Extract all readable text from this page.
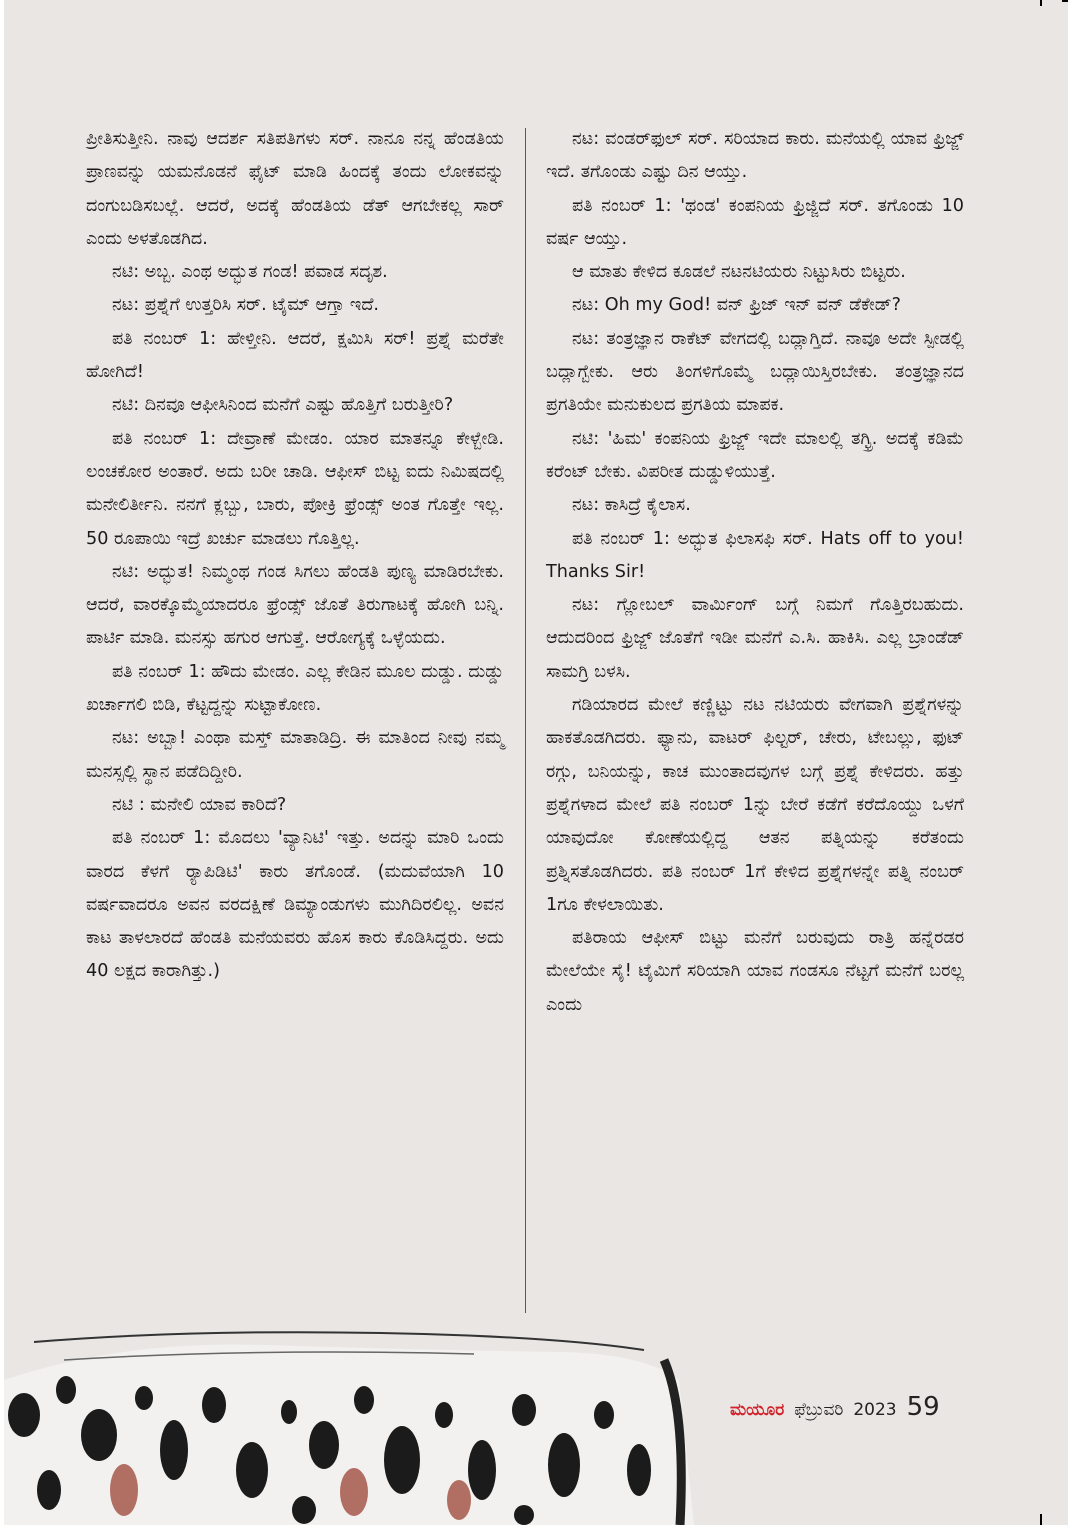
ಪ್ರೀತಿಸುತ್ತೀನಿ. ನಾವು ಆದರ್ಶ ಸತಿಪತಿಗಳು ಸರ್. ನಾನೂ ನನ್ನ ಹೆಂಡತಿಯ ಪ್ರಾಣವನ್ನು ಯಮನೊಡನೆ ಫೈಟ್ ಮಾಡಿ ಹಿಂದಕ್ಕೆ ತಂದು ಲೋಕವನ್ನು ದಂಗುಬಡಿಸಬಲ್ಲೆ. ಆದರೆ, ಅದಕ್ಕೆ ಹೆಂಡತಿಯ ಡೆತ್ ಆಗಬೇಕಲ್ಲ ಸಾರ್ ಎಂದು ಅಳತೊಡಗಿದ.

ನಟಿ: ಅಬ್ಬ. ಎಂಥ ಅದ್ಭುತ ಗಂಡ! ಪವಾಡ ಸದೃಶ.

ನಟ: ಪ್ರಶ್ನೆಗೆ ಉತ್ತರಿಸಿ ಸರ್. ಟೈಮ್ ಆಗ್ತಾ ಇದೆ.

ಪತಿ ನಂಬರ್ 1: ಹೇಳ್ತೀನಿ. ಆದರೆ, ಕ್ಷಮಿಸಿ ಸರ್! ಪ್ರಶ್ನೆ ಮರೆತೇ ಹೋಗಿದೆ!

ನಟಿ: ದಿನವೂ ಆಫೀಸಿನಿಂದ ಮನೆಗೆ ಎಷ್ಟು ಹೊತ್ತಿಗೆ ಬರುತ್ತೀರಿ?

ಪತಿ ನಂಬರ್ 1: ದೇವ್ರಾಣೆ ಮೇಡಂ. ಯಾರ ಮಾತನ್ನೂ ಕೇಳ್ಬೇಡಿ. ಲಂಚಕೋರ ಅಂತಾರೆ. ಅದು ಬರೀ ಚಾಡಿ. ಆಫೀಸ್ ಬಿಟ್ಟ ಐದು ನಿಮಿಷದಲ್ಲಿ ಮನೇಲಿರ್ತೀನಿ. ನನಗೆ ಕ್ಲಬ್ಬು, ಬಾರು, ಪೋಕ್ರಿ ಫ್ರೆಂಡ್ಸ್ ಅಂತ ಗೊತ್ತೇ ಇಲ್ಲ. 50 ರೂಪಾಯಿ ಇದ್ರೆ ಖರ್ಚು ಮಾಡಲು ಗೊತ್ತಿಲ್ಲ.

ನಟಿ: ಅದ್ಭುತ! ನಿಮ್ಮಂಥ ಗಂಡ ಸಿಗಲು ಹೆಂಡತಿ ಪುಣ್ಯ ಮಾಡಿರಬೇಕು. ಆದರೆ, ವಾರಕ್ಕೊಮ್ಮೆಯಾದರೂ ಫ್ರೆಂಡ್ಸ್ ಜೊತೆ ತಿರುಗಾಟಕ್ಕೆ ಹೋಗಿ ಬನ್ನಿ. ಪಾರ್ಟಿ ಮಾಡಿ. ಮನಸ್ಸು ಹಗುರ ಆಗುತ್ತೆ. ಆರೋಗ್ಯಕ್ಕೆ ಒಳ್ಳೆಯದು.

ಪತಿ ನಂಬರ್ 1: ಹೌದು ಮೇಡಂ. ಎಲ್ಲ ಕೇಡಿನ ಮೂಲ ದುಡ್ಡು. ದುಡ್ಡು ಖರ್ಚಾಗಲಿ ಬಿಡಿ, ಕೆಟ್ಟದ್ದನ್ನು ಸುಟ್ಟಾಕೋಣ.

ನಟ: ಅಬ್ಬಾ! ಎಂಥಾ ಮಸ್ತ್ ಮಾತಾಡಿದ್ರಿ. ಈ ಮಾತಿಂದ ನೀವು ನಮ್ಮ ಮನಸ್ಸಲ್ಲಿ ಸ್ಥಾನ ಪಡೆದಿದ್ದೀರಿ.

ನಟಿ : ಮನೇಲಿ ಯಾವ ಕಾರಿದೆ?

ಪತಿ ನಂಬರ್ 1: ಮೊದಲು 'ವ್ಯಾನಿಟಿ' ಇತ್ತು. ಅದನ್ನು ಮಾರಿ ಒಂದು ವಾರದ ಕೆಳಗೆ ರ‍್ಯಾಪಿಡಿಟಿ' ಕಾರು ತಗೊಂಡೆ. (ಮದುವೆಯಾಗಿ 10 ವರ್ಷವಾದರೂ ಅವನ ವರದಕ್ಷಿಣೆ ಡಿಮ್ಯಾಂಡುಗಳು ಮುಗಿದಿರಲಿಲ್ಲ. ಅವನ ಕಾಟ ತಾಳಲಾರದೆ ಹೆಂಡತಿ ಮನೆಯವರು ಹೊಸ ಕಾರು ಕೊಡಿಸಿದ್ದರು. ಅದು 40 ಲಕ್ಷದ ಕಾರಾಗಿತ್ತು.)

ನಟ: ವಂಡರ್‌ಫುಲ್ ಸರ್. ಸರಿಯಾದ ಕಾರು. ಮನೆಯಲ್ಲಿ ಯಾವ ಫ್ರಿಜ್ಜ್ ಇದೆ. ತಗೊಂಡು ಎಷ್ಟು ದಿನ ಆಯ್ತು.

ಪತಿ ನಂಬರ್ 1: 'ಥಂಡ' ಕಂಪನಿಯ ಫ್ರಿಜ್ಜಿದೆ ಸರ್. ತಗೊಂಡು 10 ವರ್ಷ ಆಯ್ತು.

ಆ ಮಾತು ಕೇಳಿದ ಕೂಡಲೆ ನಟನಟಿಯರು ನಿಟ್ಟುಸಿರು ಬಿಟ್ಟರು.

ನಟ: Oh my God! ವನ್ ಫ್ರಿಜ್ ಇನ್ ವನ್ ಡೆಕೇಡ್?

ನಟ: ತಂತ್ರಜ್ಞಾನ ರಾಕೆಟ್ ವೇಗದಲ್ಲಿ ಬದ್ಲಾಗ್ತಿದೆ. ನಾವೂ ಅದೇ ಸ್ಪೀಡಲ್ಲಿ ಬದ್ಲಾಗ್ಬೇಕು. ಆರು ತಿಂಗಳಿಗೊಮ್ಮೆ ಬದ್ಲಾಯಿಸ್ತಿರಬೇಕು. ತಂತ್ರಜ್ಞಾನದ ಪ್ರಗತಿಯೇ ಮನುಕುಲದ ಪ್ರಗತಿಯ ಮಾಪಕ.

ನಟಿ: 'ಹಿಮ' ಕಂಪನಿಯ ಫ್ರಿಜ್ಜ್ ಇದೇ ಮಾಲಲ್ಲಿ ತಗ್ಳ್ರಿ. ಅದಕ್ಕೆ ಕಡಿಮೆ ಕರೆಂಟ್ ಬೇಕು. ವಿಪರೀತ ದುಡ್ಡುಳಿಯುತ್ತೆ.

ನಟ: ಕಾಸಿದ್ರೆ ಕೈಲಾಸ.

ಪತಿ ನಂಬರ್ 1: ಅದ್ಭುತ ಫಿಲಾಸಫಿ ಸರ್. Hats off to you! Thanks Sir!

ನಟ: ಗ್ಲೋಬಲ್ ವಾರ್ಮಿಂಗ್ ಬಗ್ಗೆ ನಿಮಗೆ ಗೊತ್ತಿರಬಹುದು. ಆದುದರಿಂದ ಫ್ರಿಜ್ಜ್ ಜೊತೆಗೆ ಇಡೀ ಮನೆಗೆ ಎ.ಸಿ. ಹಾಕಿಸಿ. ಎಲ್ಲ ಬ್ರಾಂಡೆಡ್ ಸಾಮಗ್ರಿ ಬಳಸಿ.

ಗಡಿಯಾರದ ಮೇಲೆ ಕಣ್ಣಿಟ್ಟು ನಟ ನಟಿಯರು ವೇಗವಾಗಿ ಪ್ರಶ್ನೆಗಳನ್ನು ಹಾಕತೊಡಗಿದರು. ಫ್ಯಾನು, ವಾಟರ್ ಫಿಲ್ಟರ್, ಚೇರು, ಟೇಬಲ್ಲು, ಫುಟ್ ರಗ್ಗು, ಬನಿಯನ್ನು, ಕಾಚ ಮುಂತಾದವುಗಳ ಬಗ್ಗೆ ಪ್ರಶ್ನೆ ಕೇಳಿದರು. ಹತ್ತು ಪ್ರಶ್ನೆಗಳಾದ ಮೇಲೆ ಪತಿ ನಂಬರ್ 1ನ್ನು ಬೇರೆ ಕಡೆಗೆ ಕರೆದೊಯ್ದು ಒಳಗೆ ಯಾವುದೋ ಕೋಣೆಯಲ್ಲಿದ್ದ ಆತನ ಪತ್ನಿಯನ್ನು ಕರೆತಂದು ಪ್ರಶ್ನಿಸತೊಡಗಿದರು. ಪತಿ ನಂಬರ್ 1ಗೆ ಕೇಳಿದ ಪ್ರಶ್ನೆಗಳನ್ನೇ ಪತ್ನಿ ನಂಬರ್ 1ಗೂ ಕೇಳಲಾಯಿತು.

ಪತಿರಾಯ ಆಫೀಸ್ ಬಿಟ್ಟು ಮನೆಗೆ ಬರುವುದು ರಾತ್ರಿ ಹನ್ನೆರಡರ ಮೇಲೆಯೇ ಸೈ! ಟೈಮಿಗೆ ಸರಿಯಾಗಿ ಯಾವ ಗಂಡಸೂ ನೆಟ್ಟಗೆ ಮನೆಗೆ ಬರಲ್ಲ ಎಂದು

ಮಯೂರ ಫೆಬ್ರುವರಿ 2023 59
